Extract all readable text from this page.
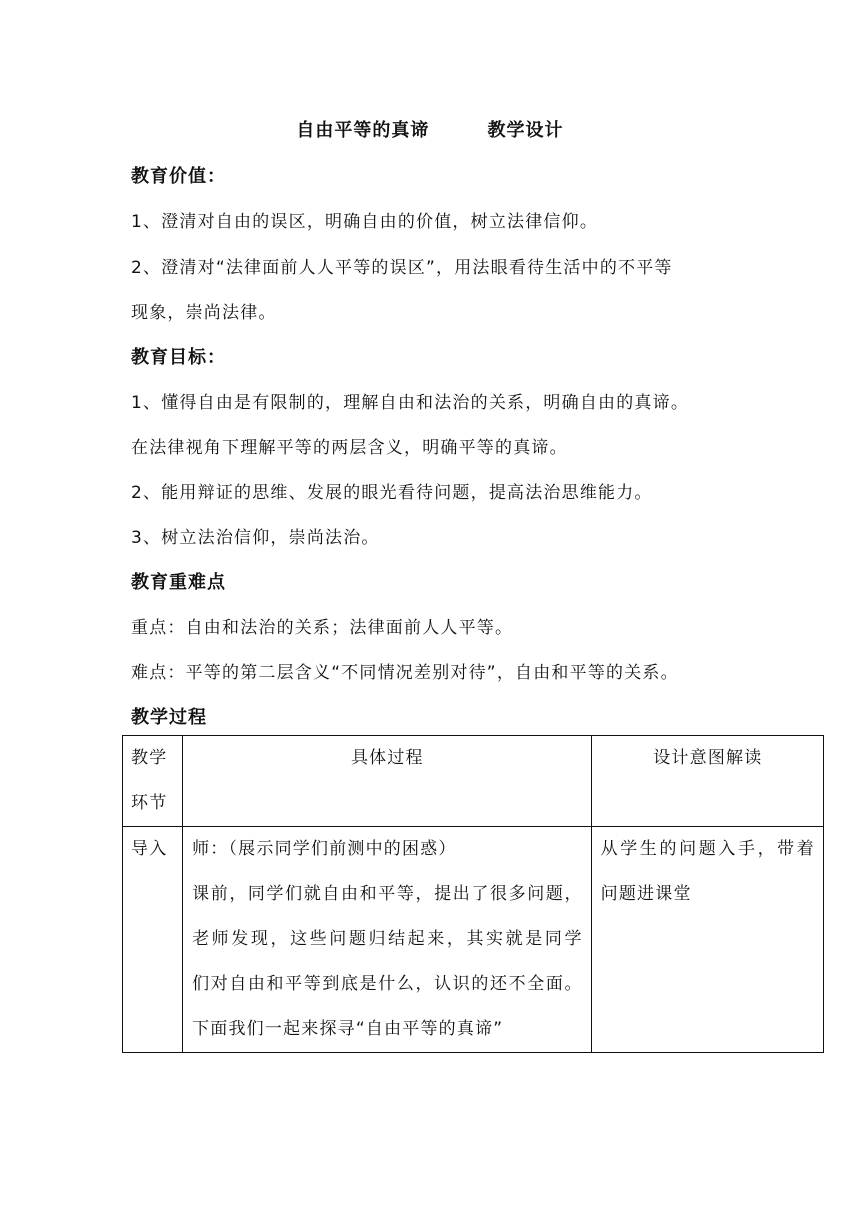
自由平等的真谛        教学设计
教育价值：
1、澄清对自由的误区，明确自由的价值，树立法律信仰。
2、澄清对“法律面前人人平等的误区”，用法眼看待生活中的不平等
现象，崇尚法律。
教育目标：
1、懂得自由是有限制的，理解自由和法治的关系，明确自由的真谛。
在法律视角下理解平等的两层含义，明确平等的真谛。
2、能用辩证的思维、发展的眼光看待问题，提高法治思维能力。
3、树立法治信仰，崇尚法治。
教育重难点
重点：自由和法治的关系；法律面前人人平等。
难点：平等的第二层含义“不同情况差别对待”，自由和平等的关系。
教学过程
教学
环节	具体过程	设计意图解读

导入	师：（展示同学们前测中的困惑）
课前，同学们就自由和平等，提出了很多问题，
老师发现，这些问题归结起来，其实就是同学
们对自由和平等到底是什么，认识的还不全面。
下面我们一起来探寻“自由平等的真谛”	从学生的问题入手，带着
问题进课堂
